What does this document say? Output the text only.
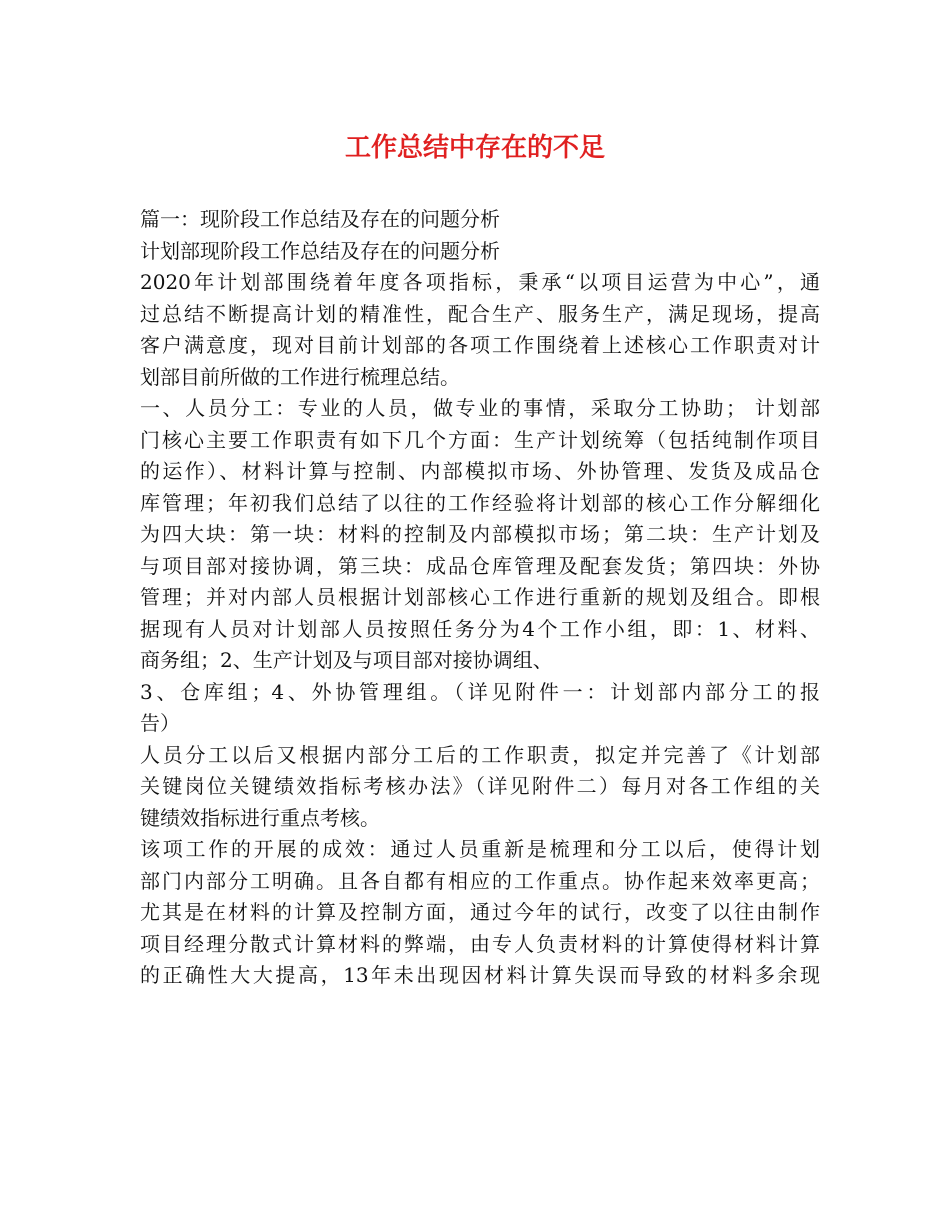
工作总结中存在的不足
篇一：现阶段工作总结及存在的问题分析
计划部现阶段工作总结及存在的问题分析
2020年计划部围绕着年度各项指标，秉承“以项目运营为中心”，通
过总结不断提高计划的精准性，配合生产、服务生产，满足现场，提高
客户满意度，现对目前计划部的各项工作围绕着上述核心工作职责对计
划部目前所做的工作进行梳理总结。
一、人员分工：专业的人员，做专业的事情，采取分工协助； 计划部
门核心主要工作职责有如下几个方面：生产计划统筹（包括纯制作项目
的运作）、材料计算与控制、内部模拟市场、外协管理、发货及成品仓
库管理；年初我们总结了以往的工作经验将计划部的核心工作分解细化
为四大块：第一块：材料的控制及内部模拟市场；第二块：生产计划及
与项目部对接协调，第三块：成品仓库管理及配套发货；第四块：外协
管理；并对内部人员根据计划部核心工作进行重新的规划及组合。即根
据现有人员对计划部人员按照任务分为4个工作小组，即：1、材料、
商务组；2、生产计划及与项目部对接协调组、
3、仓库组；4、外协管理组。（详见附件一：计划部内部分工的报
告）
人员分工以后又根据内部分工后的工作职责，拟定并完善了《计划部
关键岗位关键绩效指标考核办法》（详见附件二）每月对各工作组的关
键绩效指标进行重点考核。
该项工作的开展的成效：通过人员重新是梳理和分工以后，使得计划
部门内部分工明确。且各自都有相应的工作重点。协作起来效率更高；
尤其是在材料的计算及控制方面，通过今年的试行，改变了以往由制作
项目经理分散式计算材料的弊端，由专人负责材料的计算使得材料计算
的正确性大大提高，13年未出现因材料计算失误而导致的材料多余现
